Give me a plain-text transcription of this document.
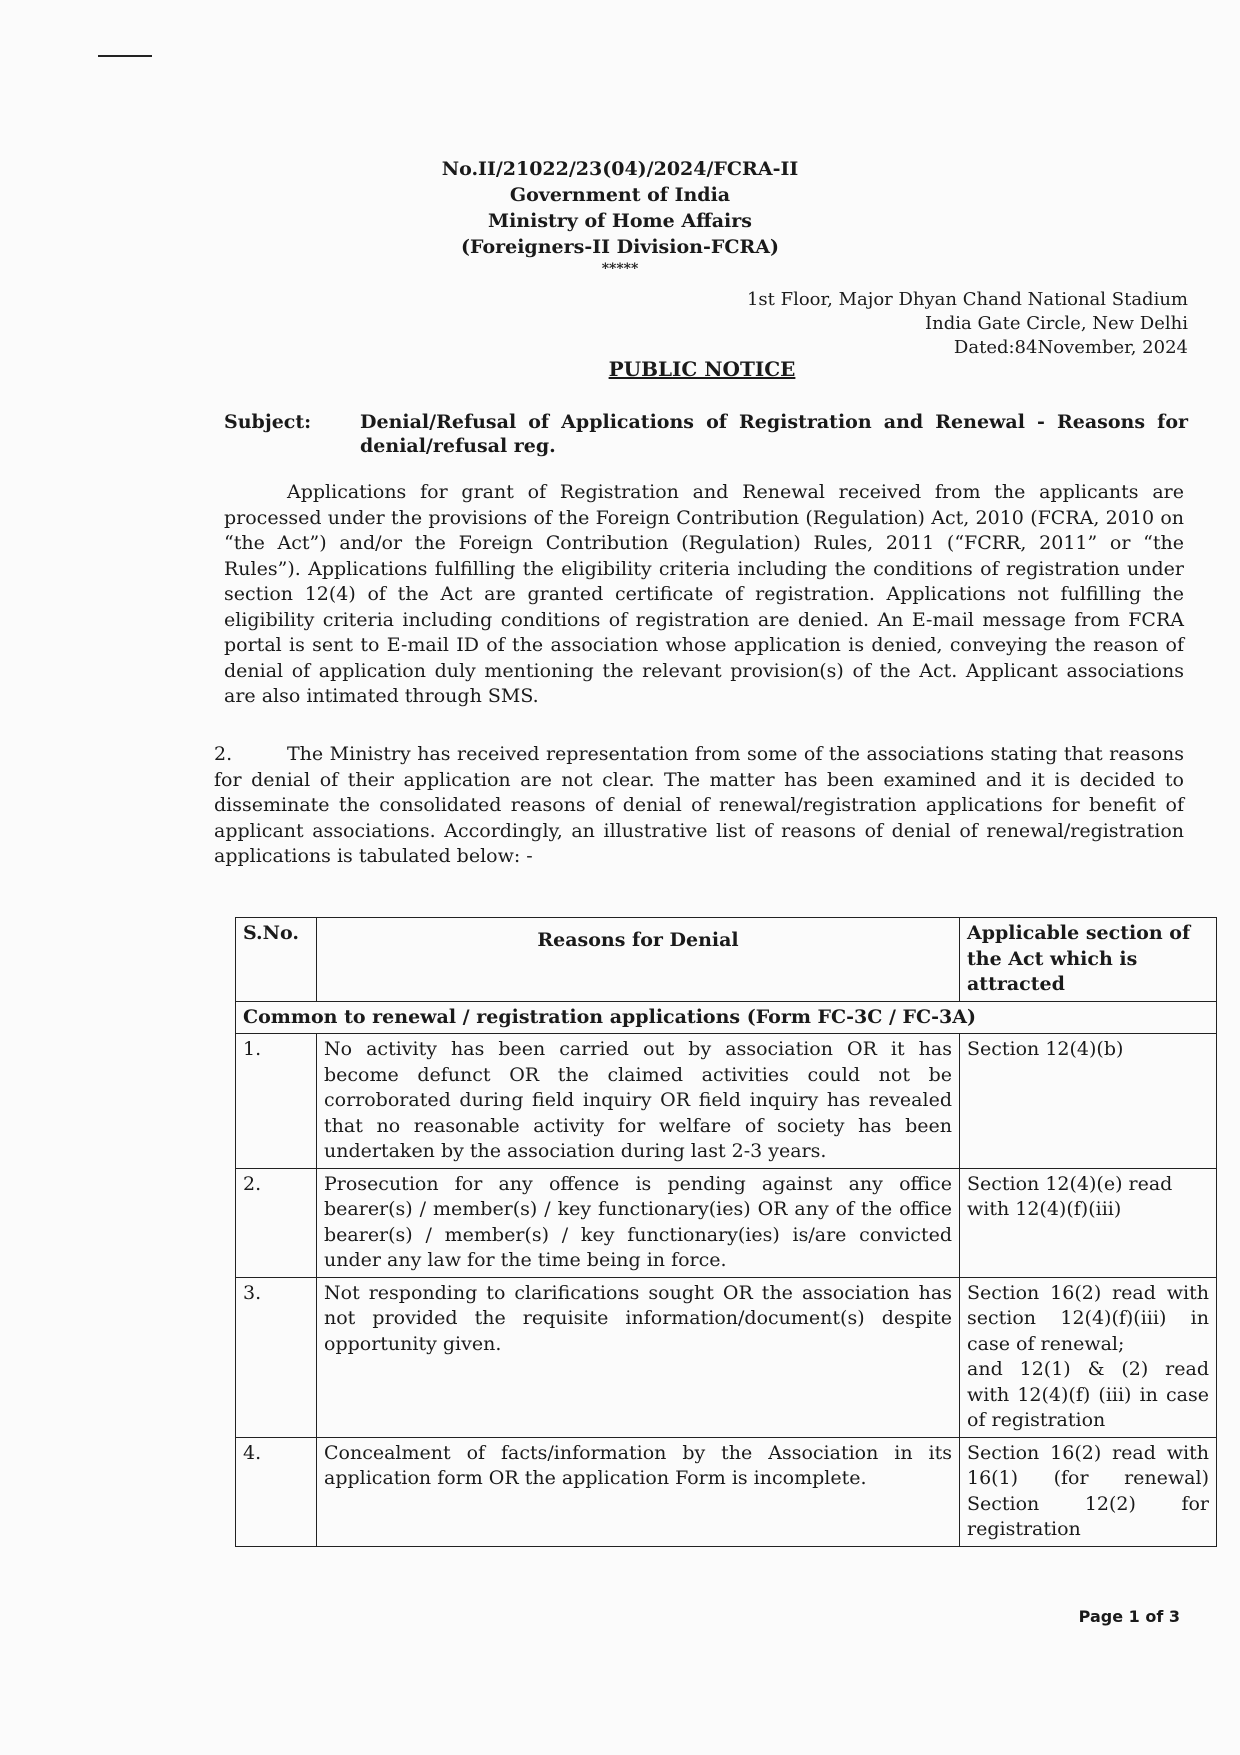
No.II/21022/23(04)/2024/FCRA-II
Government of India
Ministry of Home Affairs
(Foreigners-II Division-FCRA)
*****
1st Floor, Major Dhyan Chand National Stadium
India Gate Circle, New Delhi
Dated:84November, 2024
PUBLIC NOTICE
Subject:	Denial/Refusal of Applications of Registration and Renewal - Reasons for denial/refusal reg.
Applications for grant of Registration and Renewal received from the applicants are processed under the provisions of the Foreign Contribution (Regulation) Act, 2010 (FCRA, 2010 on “the Act”) and/or the Foreign Contribution (Regulation) Rules, 2011 (“FCRR, 2011” or “the Rules”). Applications fulfilling the eligibility criteria including the conditions of registration under section 12(4) of the Act are granted certificate of registration. Applications not fulfilling the eligibility criteria including conditions of registration are denied. An E-mail message from FCRA portal is sent to E-mail ID of the association whose application is denied, conveying the reason of denial of application duly mentioning the relevant provision(s) of the Act. Applicant associations are also intimated through SMS.
2.	The Ministry has received representation from some of the associations stating that reasons for denial of their application are not clear. The matter has been examined and it is decided to disseminate the consolidated reasons of denial of renewal/registration applications for benefit of applicant associations. Accordingly, an illustrative list of reasons of denial of renewal/registration applications is tabulated below: -
S.No.	Reasons for Denial	Applicable section of the Act which is attracted
Common to renewal / registration applications (Form FC-3C / FC-3A)		
1.	No activity has been carried out by association OR it has become defunct OR the claimed activities could not be corroborated during field inquiry OR field inquiry has revealed that no reasonable activity for welfare of society has been undertaken by the association during last 2-3 years.	Section 12(4)(b)
2.	Prosecution for any offence is pending against any office bearer(s) / member(s) / key functionary(ies) OR any of the office bearer(s) / member(s) / key functionary(ies) is/are convicted under any law for the time being in force.	Section 12(4)(e) read with 12(4)(f)(iii)
3.	Not responding to clarifications sought OR the association has not provided the requisite information/document(s) despite opportunity given.	Section 16(2) read with section 12(4)(f)(iii) in case of renewal;
and 12(1) & (2) read with 12(4)(f) (iii) in case of registration

4.	Concealment of facts/information by the Association in its application form OR the application Form is incomplete.	Section 16(2) read with 16(1) (for renewal) Section 12(2) for registration
Page 1 of 3
